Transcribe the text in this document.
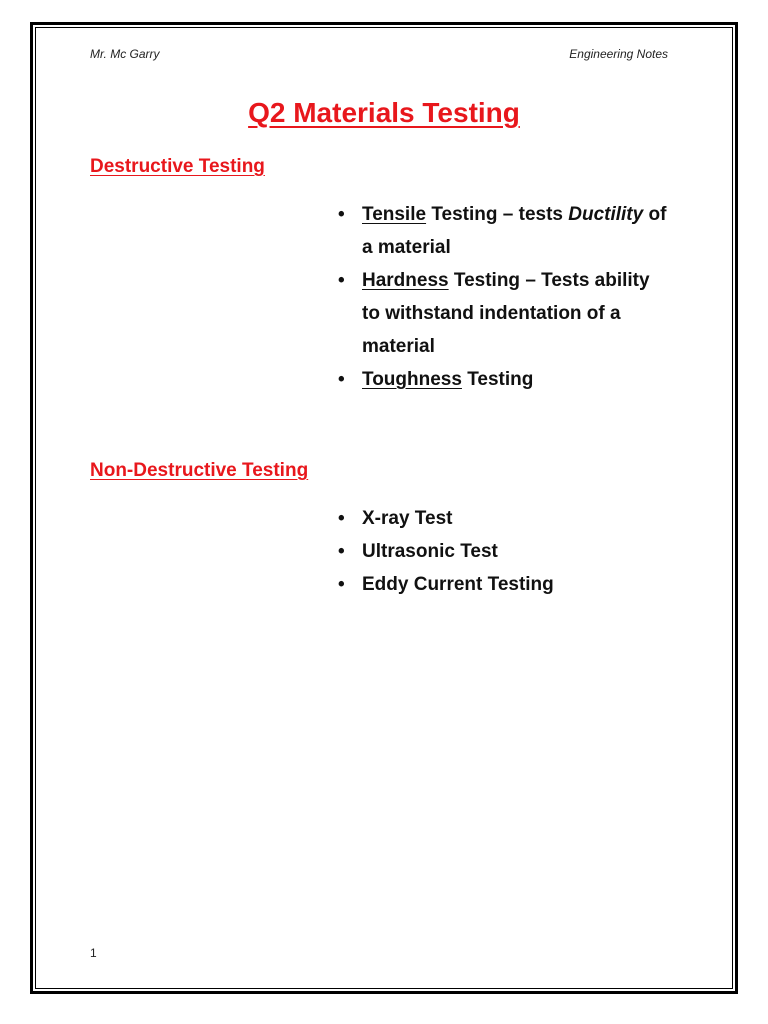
Mr. Mc Garry	Engineering Notes
Q2 Materials Testing
Destructive Testing
• Tensile Testing – tests Ductility of
a material
• Hardness Testing – Tests ability
to withstand indentation of a
material
• Toughness Testing
Non-Destructive Testing
• X-ray Test
• Ultrasonic Test
• Eddy Current Testing
1
